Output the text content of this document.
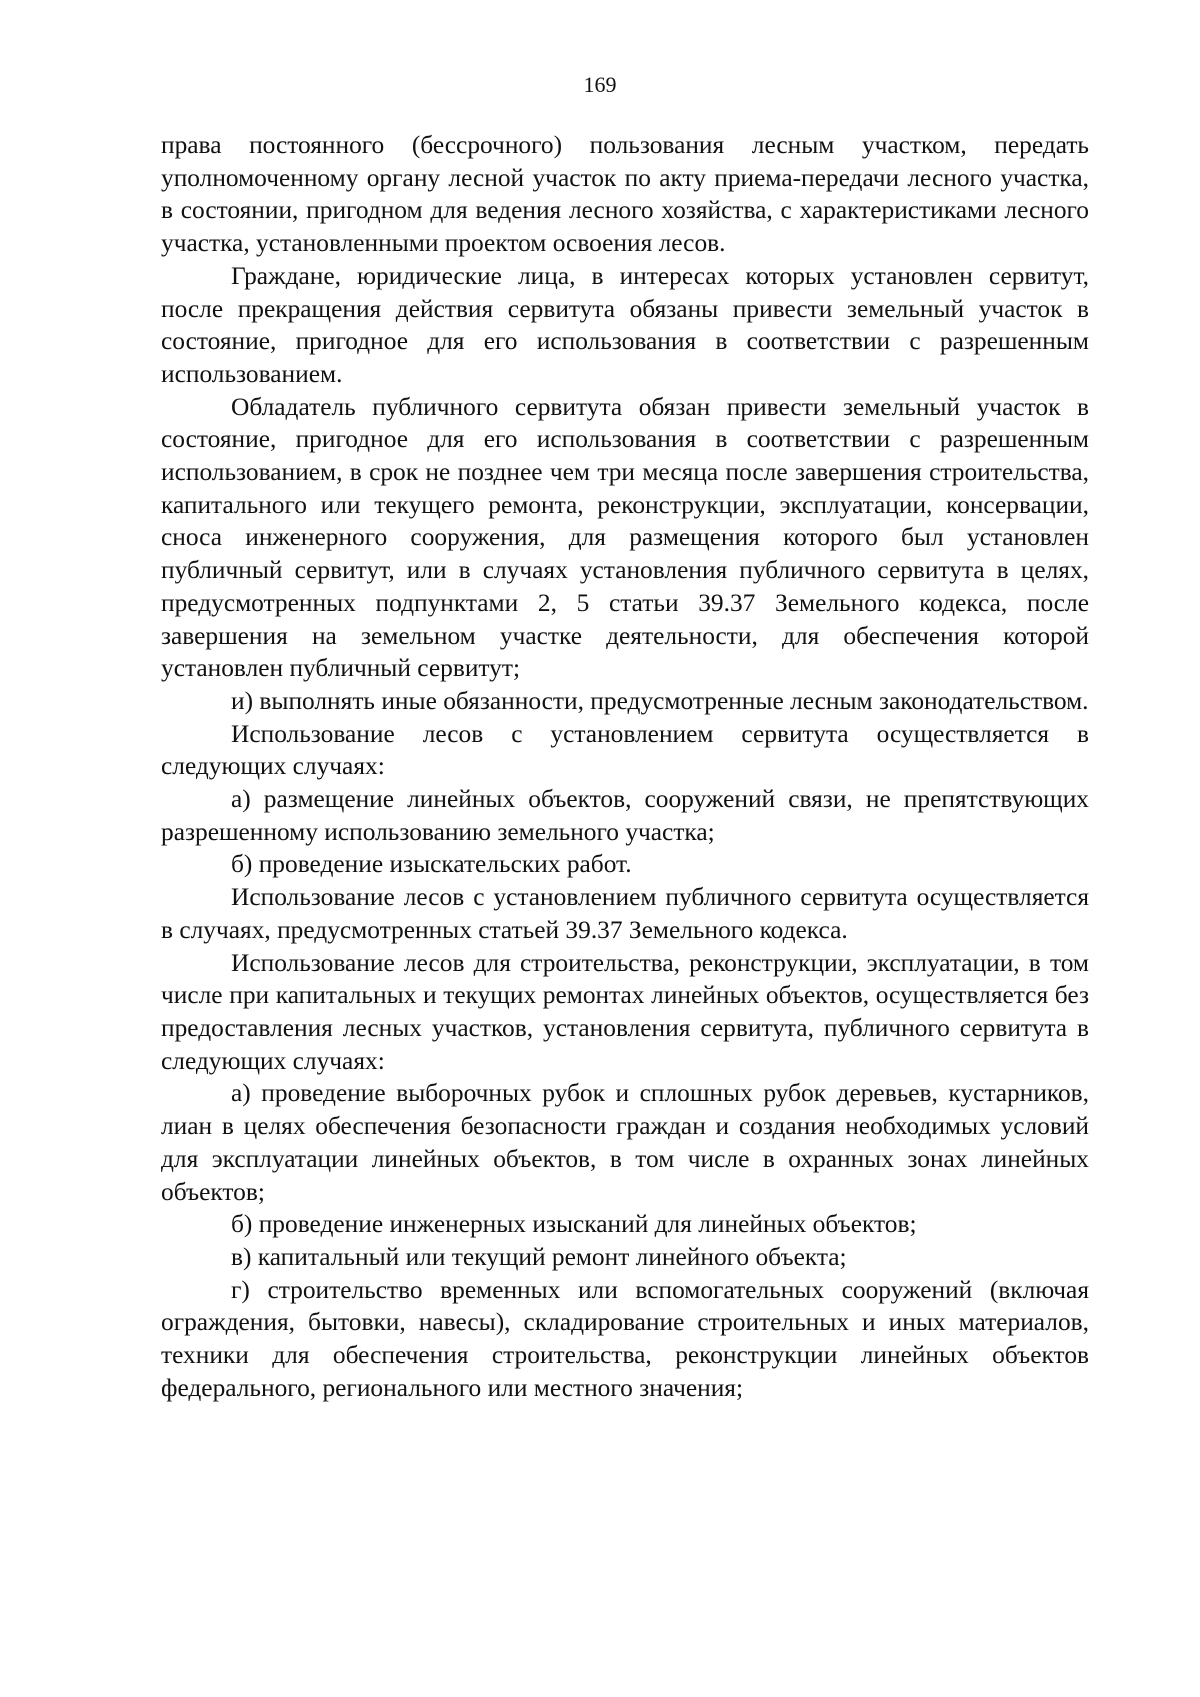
169

права постоянного (бессрочного) пользования лесным участком, передать уполномоченному органу лесной участок по акту приема-передачи лесного участка, в состоянии, пригодном для ведения лесного хозяйства, с характеристиками лесного участка, установленными проектом освоения лесов.

Граждане, юридические лица, в интересах которых установлен сервитут, после прекращения действия сервитута обязаны привести земельный участок в состояние, пригодное для его использования в соответствии с разрешенным использованием.

Обладатель публичного сервитута обязан привести земельный участок в состояние, пригодное для его использования в соответствии с разрешенным использованием, в срок не позднее чем три месяца после завершения строительства, капитального или текущего ремонта, реконструкции, эксплуатации, консервации, сноса инженерного сооружения, для размещения которого был установлен публичный сервитут, или в случаях установления публичного сервитута в целях, предусмотренных подпунктами 2, 5 статьи 39.37 Земельного кодекса, после завершения на земельном участке деятельности, для обеспечения которой установлен публичный сервитут;

и) выполнять иные обязанности, предусмотренные лесным законодательством.

Использование лесов с установлением сервитута осуществляется в следующих случаях:

а) размещение линейных объектов, сооружений связи, не препятствующих разрешенному использованию земельного участка;

б) проведение изыскательских работ.

Использование лесов с установлением публичного сервитута осуществляется в случаях, предусмотренных статьей 39.37 Земельного кодекса.

Использование лесов для строительства, реконструкции, эксплуатации, в том числе при капитальных и текущих ремонтах линейных объектов, осуществляется без предоставления лесных участков, установления сервитута, публичного сервитута в следующих случаях:

а) проведение выборочных рубок и сплошных рубок деревьев, кустарников, лиан в целях обеспечения безопасности граждан и создания необходимых условий для эксплуатации линейных объектов, в том числе в охранных зонах линейных объектов;

б) проведение инженерных изысканий для линейных объектов;

в) капитальный или текущий ремонт линейного объекта;

г) строительство временных или вспомогательных сооружений (включая ограждения, бытовки, навесы), складирование строительных и иных материалов, техники для обеспечения строительства, реконструкции линейных объектов федерального, регионального или местного значения;
